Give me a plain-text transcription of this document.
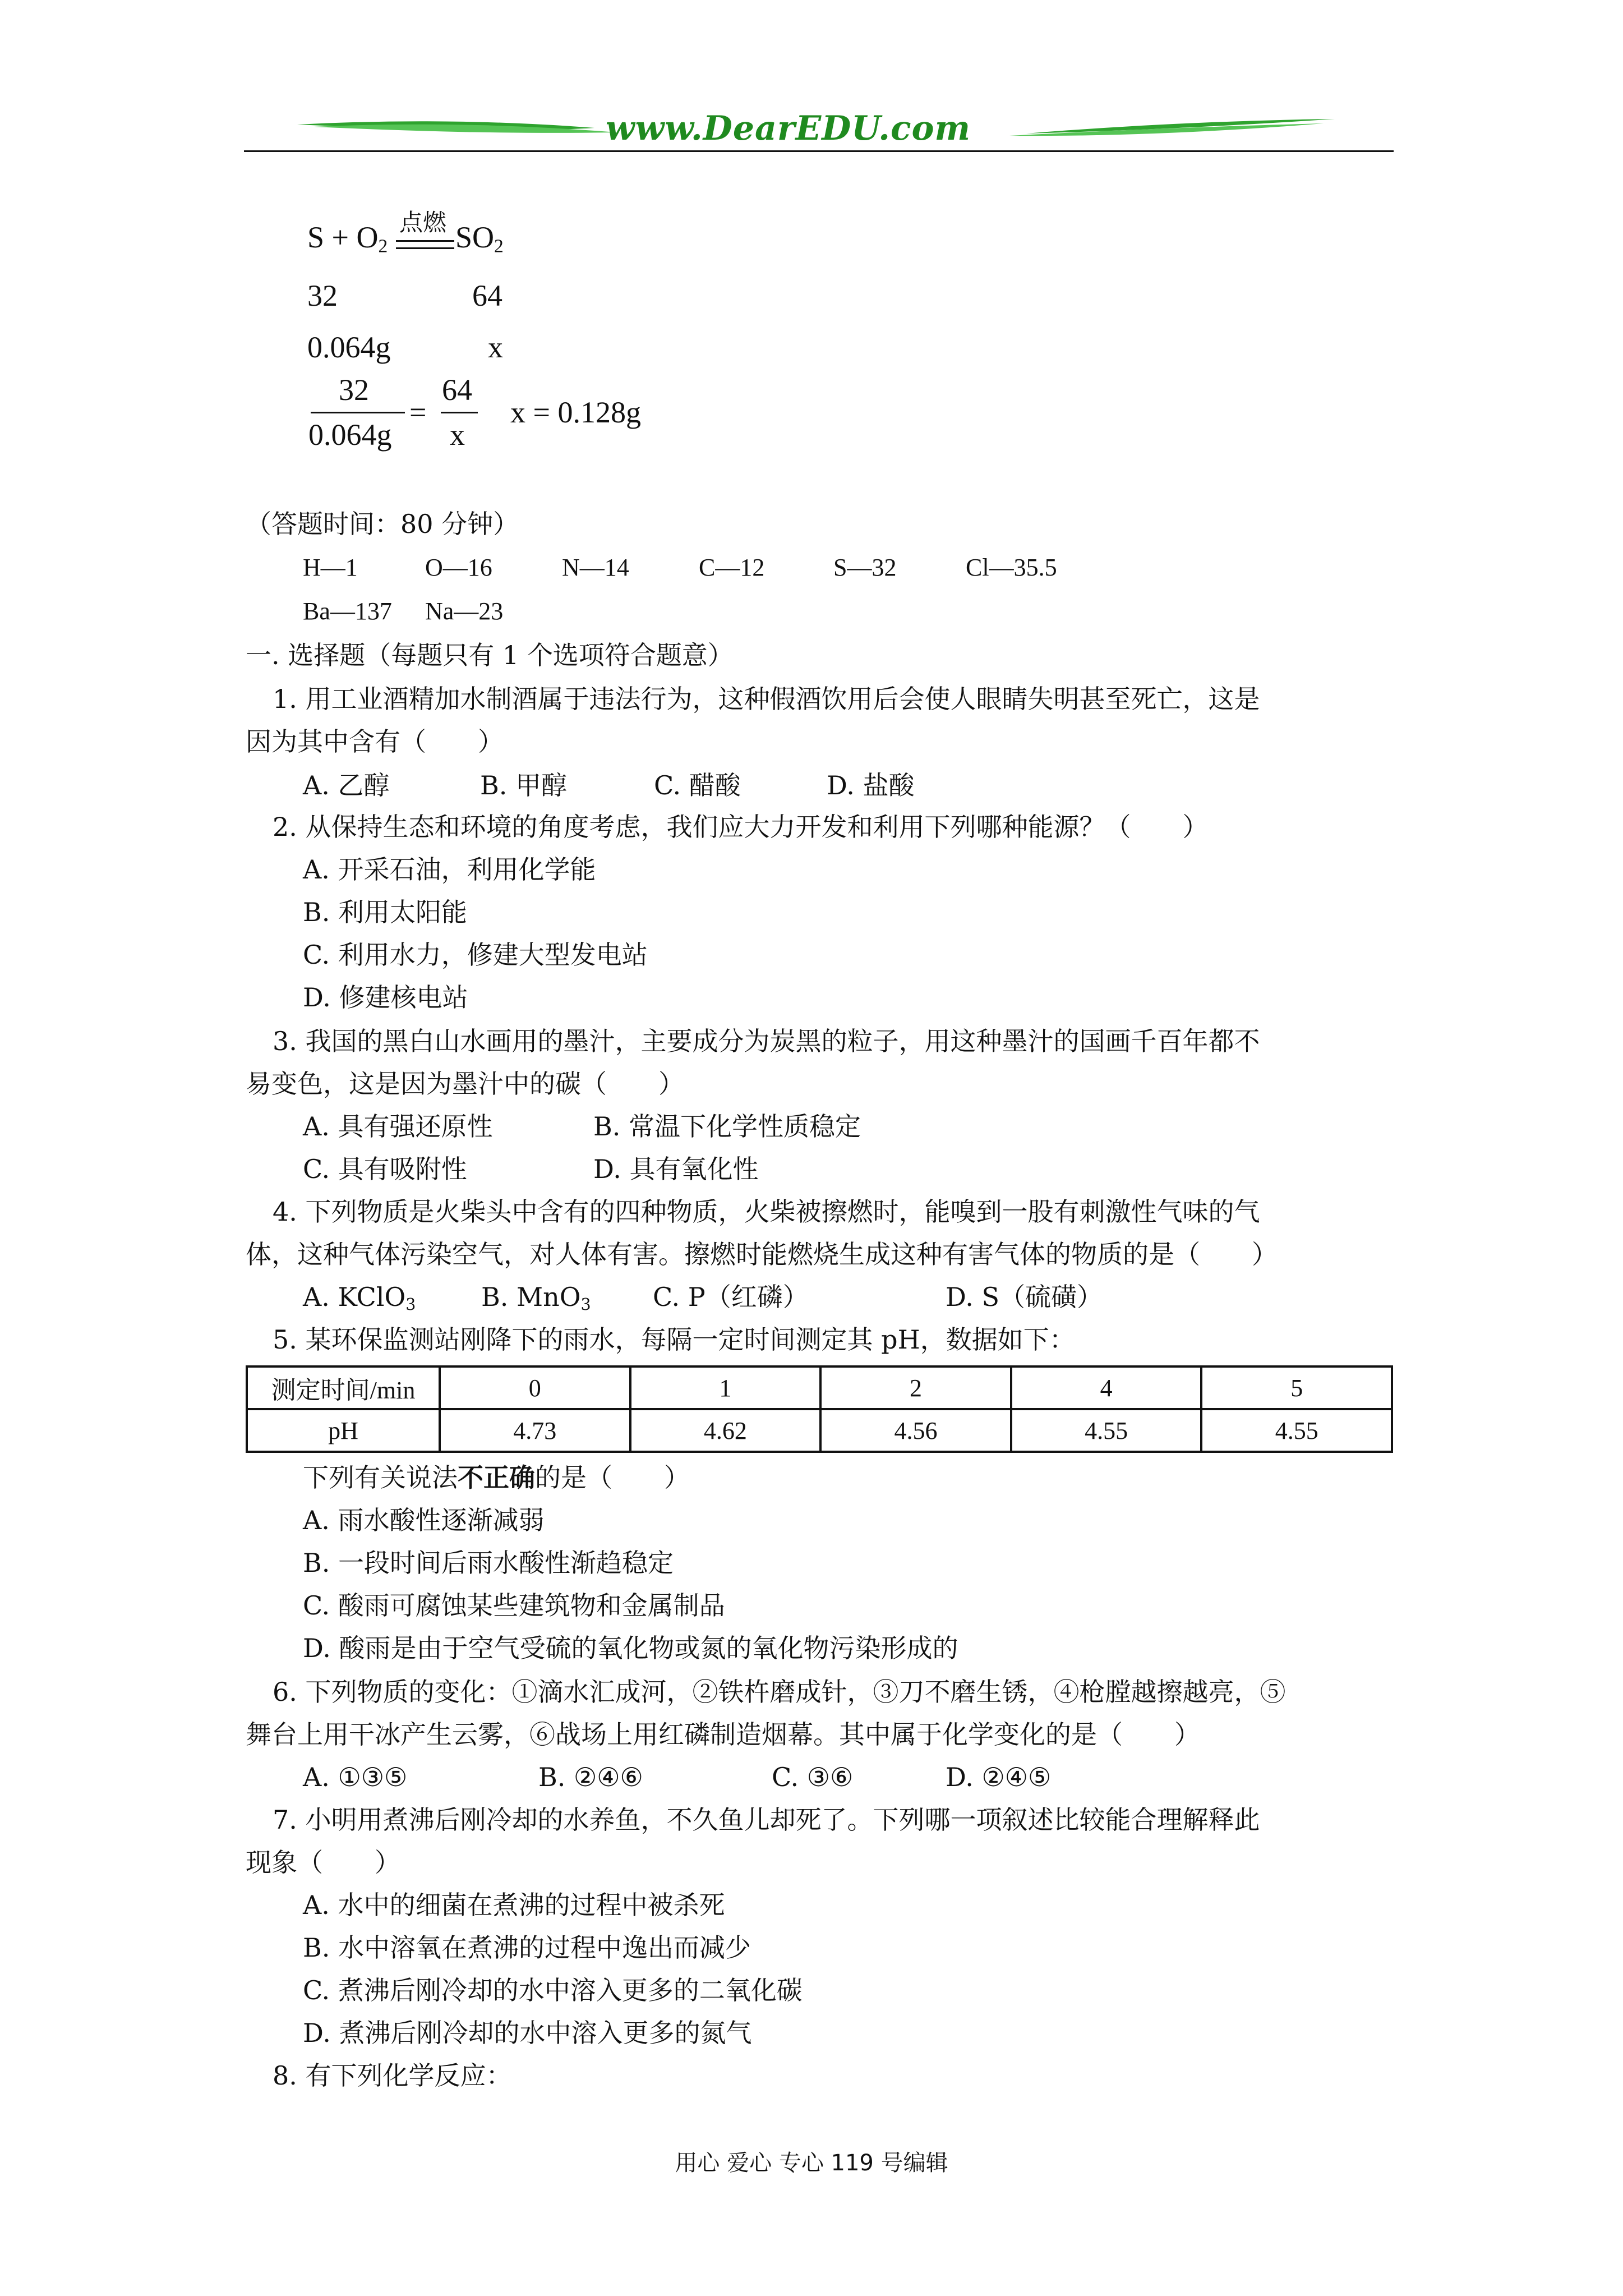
www.DearEDU.com
$S + O_2$
点燃 $SO_2$
32	64
0.064g	x
32
0.064g
=
64
x
x = 0.128g
（答题时间：80 分钟）
H—1	O—16	N—14	C—12	S—32	Cl—35.5
Ba—137 Na—23
一. 选择题（每题只有 1 个选项符合题意）
1. 用工业酒精加水制酒属于违法行为，这种假酒饮用后会使人眼睛失明甚至死亡，这是
因为其中含有（　　）
A. 乙醇	B. 甲醇	C. 醋酸	D. 盐酸
2. 从保持生态和环境的角度考虑，我们应大力开发和利用下列哪种能源？（　　）
A. 开采石油，利用化学能
B. 利用太阳能
C. 利用水力，修建大型发电站
D. 修建核电站
3. 我国的黑白山水画用的墨汁，主要成分为炭黑的粒子，用这种墨汁的国画千百年都不
易变色，这是因为墨汁中的碳（　　）
A. 具有强还原性	B. 常温下化学性质稳定
C. 具有吸附性	D. 具有氧化性
4. 下列物质是火柴头中含有的四种物质，火柴被擦燃时，能嗅到一股有刺激性气味的气
体，这种气体污染空气，对人体有害。擦燃时能燃烧生成这种有害气体的物质的是（　　）
A. KClO$_3$	B. MnO$_3$ C. P（红磷）	D. S（硫磺）
5. 某环保监测站刚降下的雨水，每隔一定时间测定其 pH，数据如下：
测定时间/min	0	1	2	4	5
pH	4.73	4.62	4.56	4.55	4.55
下列有关说法不正确的是（　　）
A. 雨水酸性逐渐减弱
B. 一段时间后雨水酸性渐趋稳定
C. 酸雨可腐蚀某些建筑物和金属制品
D. 酸雨是由于空气受硫的氧化物或氮的氧化物污染形成的
6. 下列物质的变化：①滴水汇成河，②铁杵磨成针，③刀不磨生锈，④枪膛越擦越亮，⑤
舞台上用干冰产生云雾，⑥战场上用红磷制造烟幕。其中属于化学变化的是（　　）
A. ①③⑤	B. ②④⑥	C. ③⑥	D. ②④⑤
7. 小明用煮沸后刚冷却的水养鱼，不久鱼儿却死了。下列哪一项叙述比较能合理解释此
现象（　　）
A. 水中的细菌在煮沸的过程中被杀死
B. 水中溶氧在煮沸的过程中逸出而减少
C. 煮沸后刚冷却的水中溶入更多的二氧化碳
D. 煮沸后刚冷却的水中溶入更多的氮气
8. 有下列化学反应：
用心 爱心 专心 119 号编辑
